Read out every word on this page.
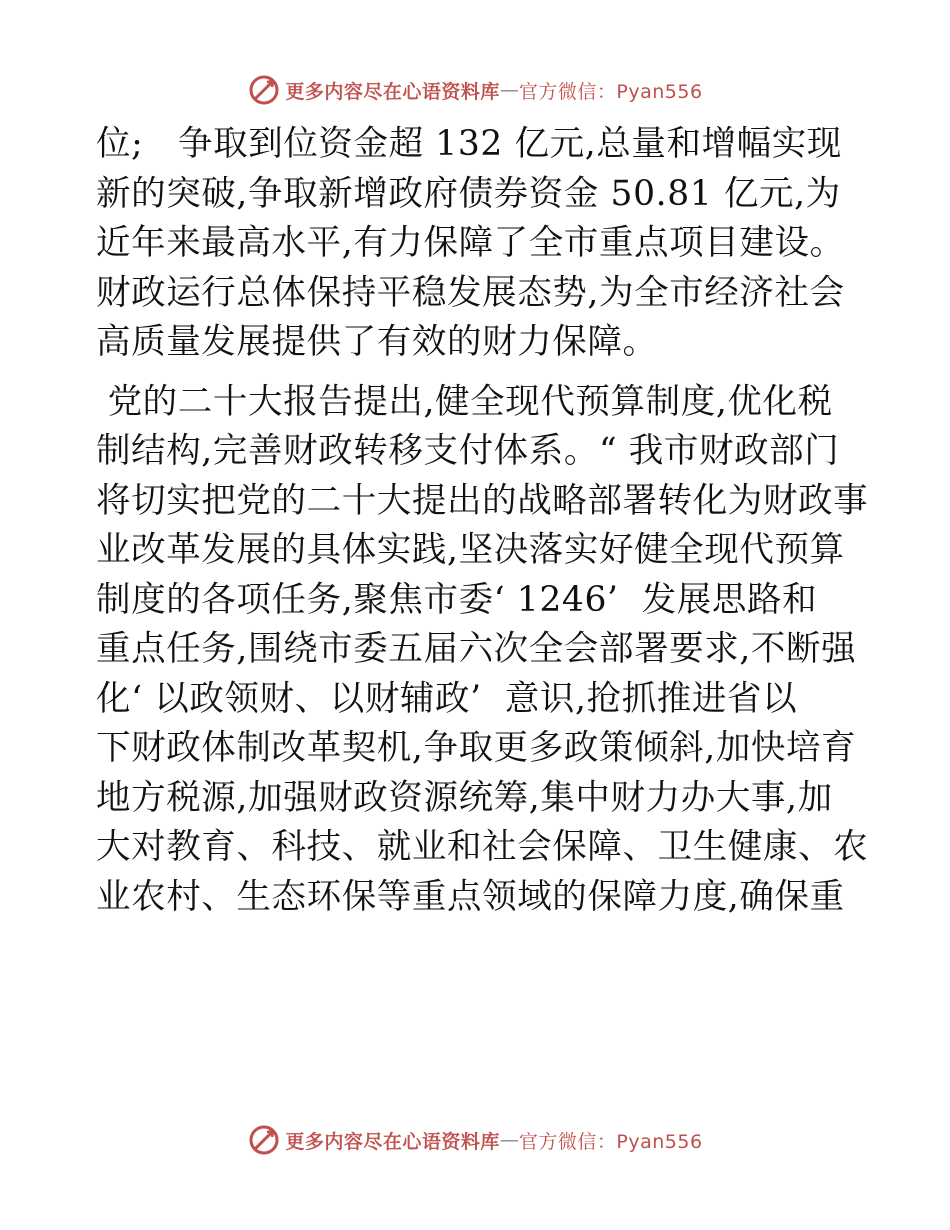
更多内容尽在心语资料库 — 官方微信：Pyan556
位;   争取到位资金超 132 亿元,总量和增幅实现
新的突破,争取新增政府债券资金 50.81 亿元,为
近年来最高水平,有力保障了全市重点项目建设。
财政运行总体保持平稳发展态势,为全市经济社会
高质量发展提供了有效的财力保障。
党的二十大报告提出,健全现代预算制度,优化税
制结构,完善财政转移支付体系。“ 我市财政部门
将切实把党的二十大提出的战略部署转化为财政事
业改革发展的具体实践,坚决落实好健全现代预算
制度的各项任务,聚焦市委‘ 1246’  发展思路和
重点任务,围绕市委五届六次全会部署要求,不断强
化‘ 以政领财、以财辅政’  意识,抢抓推进省以
下财政体制改革契机,争取更多政策倾斜,加快培育
地方税源,加强财政资源统筹,集中财力办大事,加
大对教育、科技、就业和社会保障、卫生健康、农
业农村、生态环保等重点领域的保障力度,确保重
更多内容尽在心语资料库 — 官方微信：Pyan556
